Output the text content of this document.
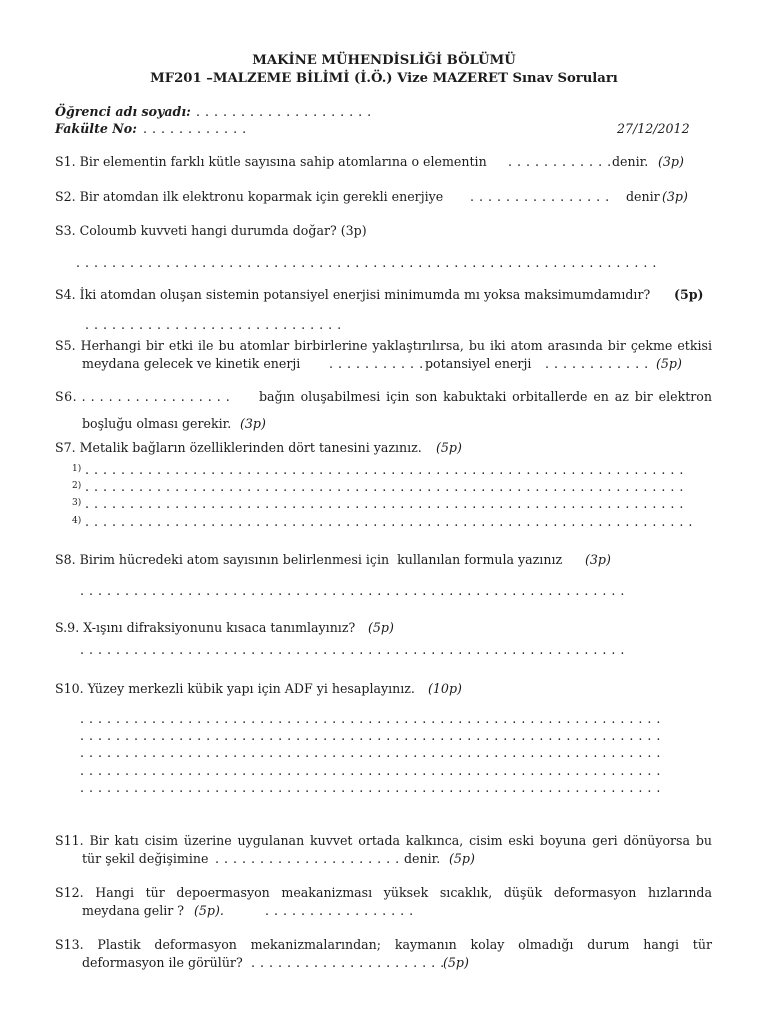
MAKİNE MÜHENDİSLİĞİ BÖLÜMÜ
MF201 –MALZEME BİLİMİ (İ.Ö.) Vize MAZERET Sınav Soruları
Öğrenci adı soyadı: . . . . . . . . . . . . . . . . . . . .
Fakülte No: . . . . . . . . . . . .	27/12/2012
S1. Bir elementin farklı kütle sayısına sahip atomlarına o elementin . . . . . . . . . . . . denir. (3p)
S2. Bir atomdan ilk elektronu koparmak için gerekli enerjiye . . . . . . . . . . . . . . . . denir (3p)
S3. Coloumb kuvveti hangi durumda doğar? (3p)
. . . . . . . . . . . . . . . . . . . . . . . . . . . . . . . . . . . . . . . . . . . . . . . . . . . . . . . . . . . . . . . . .
S4. İki atomdan oluşan sistemin potansiyel enerjisi minimumda mı yoksa maksimumdamıdır? (5p)
. . . . . . . . . . . . . . . . . . . . . . . . . . . . .
S5. Herhangi bir etki ile bu atomlar birbirlerine yaklaştırılırsa, bu iki atom arasında bir çekme etkisi
meydana gelecek ve kinetik enerji . . . . . . . . . . . .
potansiyel enerji . . . . . . . . . . . . (5p)
S6. . . . . . . . . . . . . . . . . . bağın oluşabilmesi için son kabuktaki orbitallerde en az bir elektron
boşluğu olması gerekir. (3p)
S7. Metalik bağların özelliklerinden dört tanesini yazınız. (5p)
1) . . . . . . . . . . . . . . . . . . . . . . . . . . . . . . . . . . . . . . . . . . . . . . . . . . . . . . . . . . . . . . . . . . .
2) . . . . . . . . . . . . . . . . . . . . . . . . . . . . . . . . . . . . . . . . . . . . . . . . . . . . . . . . . . . . . . . . . . .
3) . . . . . . . . . . . . . . . . . . . . . . . . . . . . . . . . . . . . . . . . . . . . . . . . . . . . . . . . . . . . . . . . . . .
4) . . . . . . . . . . . . . . . . . . . . . . . . . . . . . . . . . . . . . . . . . . . . . . . . . . . . . . . . . . . . . . . . . . . .
S8. Birim hücredeki atom sayısının belirlenmesi için  kullanılan formula yazınız (3p)
. . . . . . . . . . . . . . . . . . . . . . . . . . . . . . . . . . . . . . . . . . . . . . . . . . . . . . . . . . . . .
S.9. X-ışını difraksiyonunu kısaca tanımlayınız? (5p)
. . . . . . . . . . . . . . . . . . . . . . . . . . . . . . . . . . . . . . . . . . . . . . . . . . . . . . . . . . . . .
S10. Yüzey merkezli kübik yapı için ADF yi hesaplayınız. (10p)
. . . . . . . . . . . . . . . . . . . . . . . . . . . . . . . . . . . . . . . . . . . . . . . . . . . . . . . . . . . . . . . . .
. . . . . . . . . . . . . . . . . . . . . . . . . . . . . . . . . . . . . . . . . . . . . . . . . . . . . . . . . . . . . . . . .
. . . . . . . . . . . . . . . . . . . . . . . . . . . . . . . . . . . . . . . . . . . . . . . . . . . . . . . . . . . . . . . . .
. . . . . . . . . . . . . . . . . . . . . . . . . . . . . . . . . . . . . . . . . . . . . . . . . . . . . . . . . . . . . . . . .
. . . . . . . . . . . . . . . . . . . . . . . . . . . . . . . . . . . . . . . . . . . . . . . . . . . . . . . . . . . . . . . . .
S11. Bir katı cisim üzerine uygulanan kuvvet ortada kalkınca, cisim eski boyuna geri dönüyorsa bu
tür şekil değişimine . . . . . . . . . . . . . . . . . . . . . denir. (5p)
S12. Hangi tür depoermasyon meakanizması yüksek sıcaklık, düşük deformasyon hızlarında
meydana gelir ? (5p).	. . . . . . . . . . . . . . . . .
S13. Plastik deformasyon mekanizmalarından; kaymanın kolay olmadığı durum hangi tür
deformasyon ile görülür? . . . . . . . . . . . . . . . . . . . . . .
(5p)
